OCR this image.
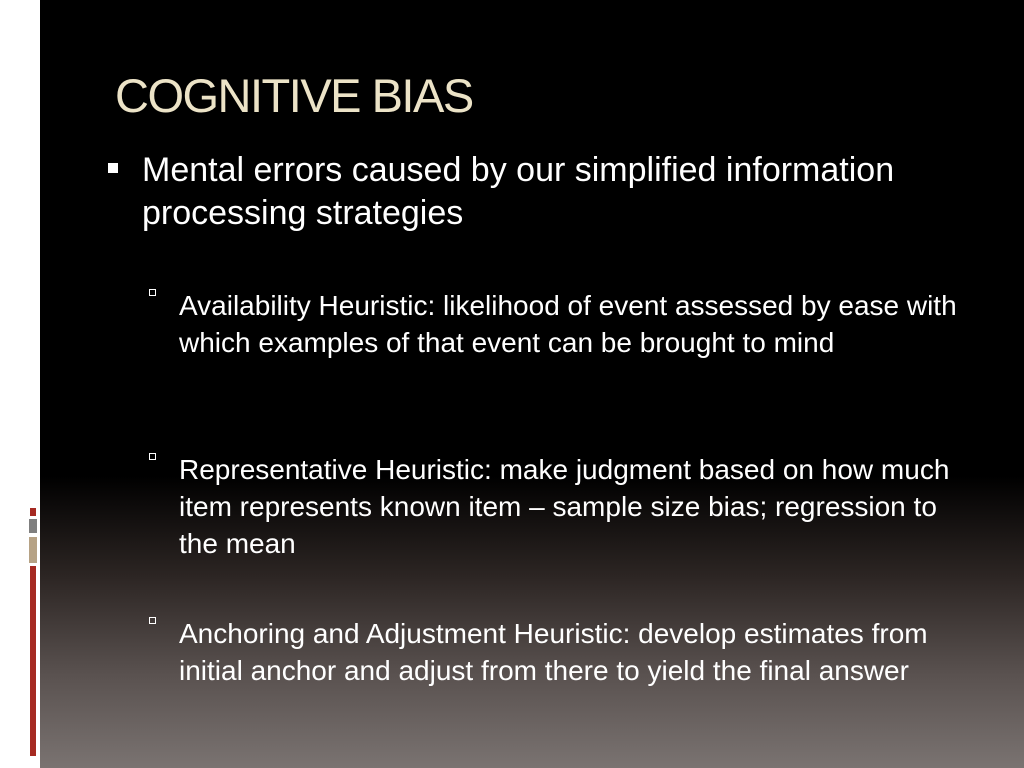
COGNITIVE BIAS
Mental errors caused by our simplified information processing strategies
Availability Heuristic: likelihood of event assessed by ease with which examples of that event can be brought to mind
Representative Heuristic: make judgment based on how much item represents known item – sample size bias; regression to the mean
Anchoring and Adjustment Heuristic: develop estimates from initial anchor and adjust from there to yield the final answer
